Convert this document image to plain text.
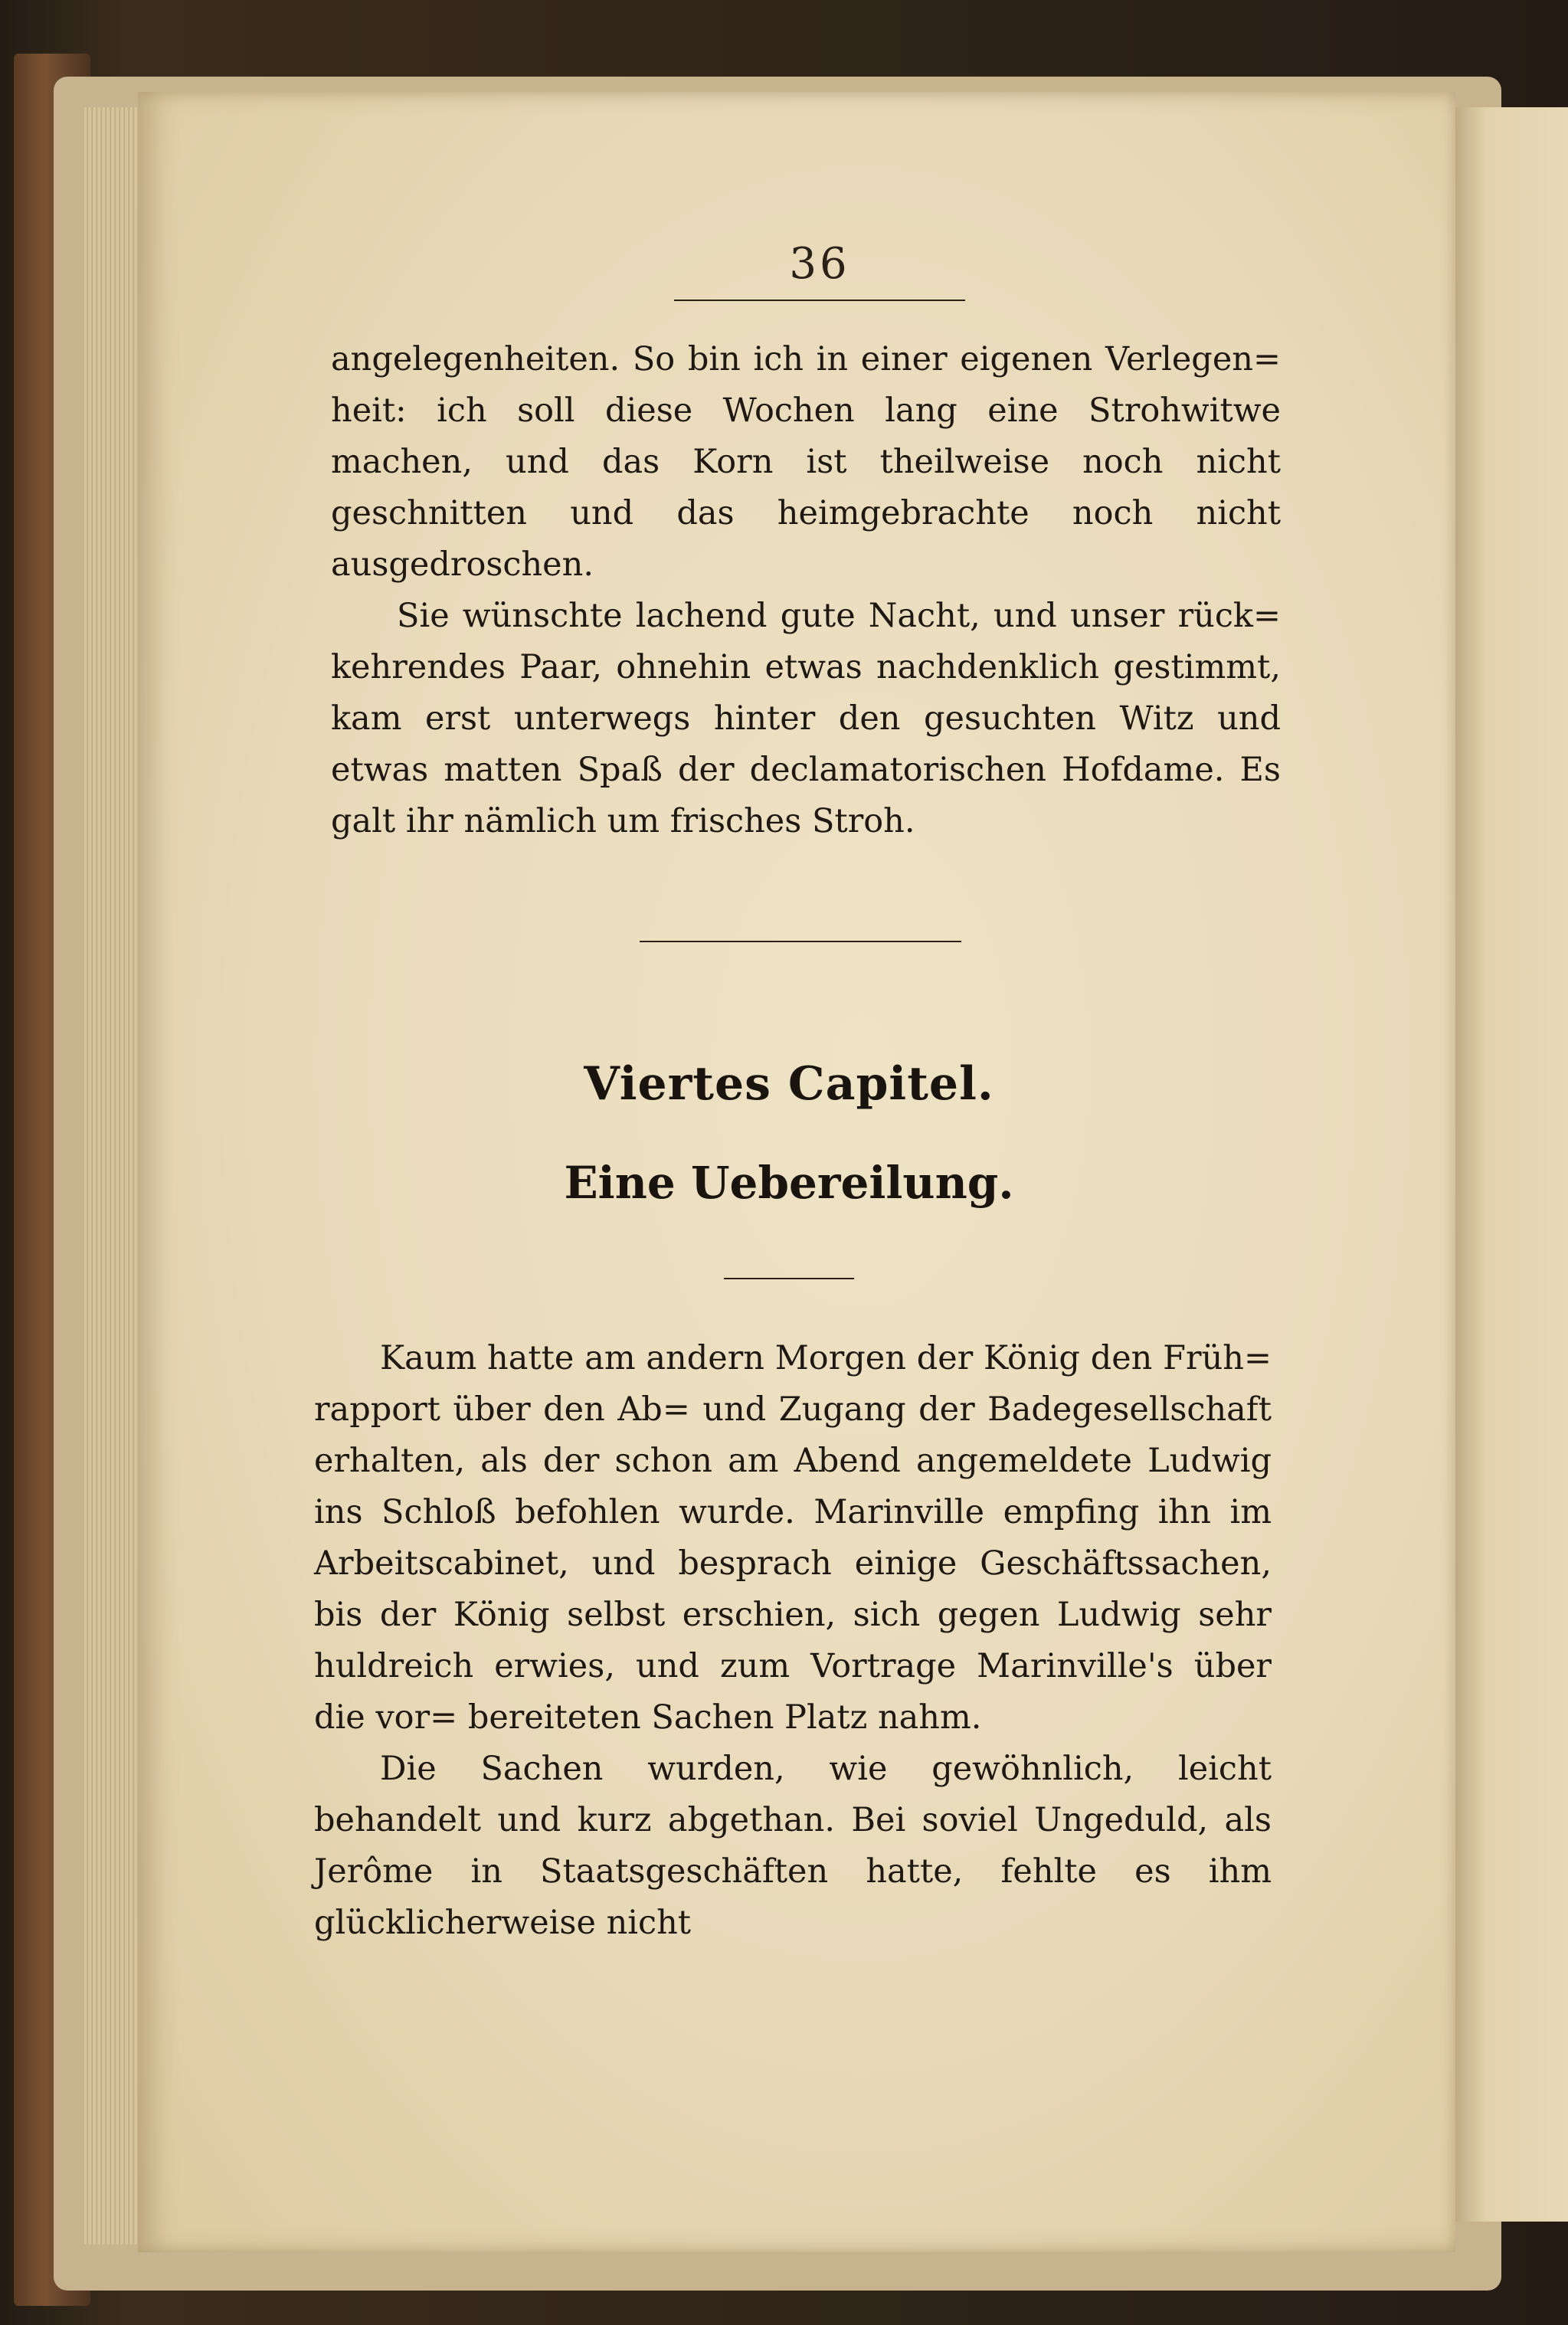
36

angelegenheiten. So bin ich in einer eigenen Verlegen= heit: ich soll diese Wochen lang eine Strohwitwe machen, und das Korn ist theilweise noch nicht geschnitten und das heimgebrachte noch nicht ausgedroschen.

Sie wünschte lachend gute Nacht, und unser rück= kehrendes Paar, ohnehin etwas nachdenklich gestimmt, kam erst unterwegs hinter den gesuchten Witz und etwas matten Spaß der declamatorischen Hofdame. Es galt ihr nämlich um frisches Stroh.

Viertes Capitel.
Eine Uebereilung.

Kaum hatte am andern Morgen der König den Früh= rapport über den Ab= und Zugang der Badegesellschaft erhalten, als der schon am Abend angemeldete Ludwig ins Schloß befohlen wurde. Marinville empfing ihn im Arbeitscabinet, und besprach einige Geschäftssachen, bis der König selbst erschien, sich gegen Ludwig sehr huldreich erwies, und zum Vortrage Marinville's über die vor= bereiteten Sachen Platz nahm.

Die Sachen wurden, wie gewöhnlich, leicht behandelt und kurz abgethan. Bei soviel Ungeduld, als Jerôme in Staatsgeschäften hatte, fehlte es ihm glücklicherweise nicht
